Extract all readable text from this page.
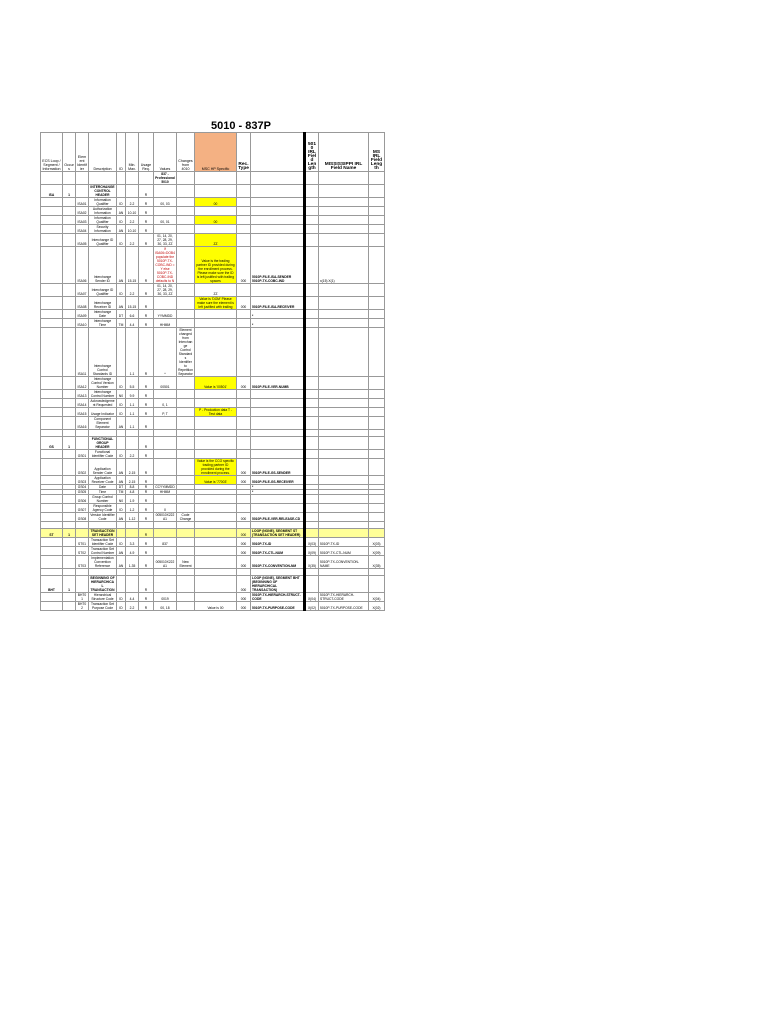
5010 - 837P
ECS Loop / Segment / Information	Occurs	Element Identifier	Description	ID	Min. Max.	Usage Req.	Values	Changes from 4010	MSC HP Specific	Rec. Type		5010 IRL Field Length	MISSISSIPPI IRL Field Name	MS IRL Field Length
							837 - Professional 5010							
ISA	1		INTERCHANGE CONTROL HEADER			R								
		ISA01	Information Qualifier	ID	2-2	R	00, 03		00					
		ISA02	Authorization Information	AN	10-10	R								
		ISA03	Information Qualifier	ID	2-2	R	00, 01		00					
		ISA04	Security Information	AN	10-10	R								
		ISA05	Interchange ID Qualifier	ID	2-2	R	01, 14, 20, 27, 28, 29, 30, 33, ZZ		ZZ					
		ISA06	Interchange Sender ID	AN	15-15	R	If ISA06=DOB4 populate the 5010P-TX-COBC-IND = Y else 5010P-TX-COBC-IND defaults to N		Value is the trading partner ID provided during the enrollment process. Please make sure the ID is left justified with trailing spaces	000	5010P-FILE-ISA-SENDER 5010P-TX-COBC-IND		x(15) X(1)	
		ISA07	Interchange ID Qualifier	ID	2-2	R	01, 14, 20, 27, 28, 29, 30, 33, ZZ		ZZ					
		ISA08	Interchange Receiver ID	AN	15-15	R			Value is 'DOM' Please make sure the element is left justified with trailing	000	5010P-FILE-ISA-RECEIVER			
		ISA09	Interchange Date	DT	6-6	R	YYMMDD				*			
		ISA10	Interchange Time	TM	4-4	R	HHMM				*			
		ISA11	Interchange Control Standards ID		1-1	R	^	Element changed from Interchange Control Standards Identifier to Repetition Separator						
		ISA12	Interchange Control Version Number	ID	5-5	R	00501		Value is '00501'	000	5010P-FILE-VER-NUMB			
		ISA13	Interchange Control Number	N0	9-9	R								
		ISA14	Acknowledgement Requested	ID	1-1	R	0, 1							
		ISA15	Usage Indicator	ID	1-1	R	P, T		P - Production data T - Test data					
		ISA16	Component Element Separator	AN	1-1	R								

GS	1		FUNCTIONAL GROUP HEADER			R								
		GS01	Functional Identifier Code	ID	2-2	R								
		GS02	Application Sender Code	AN	2-15	R			Value is the CCO specific trading partner ID provided during the enrollment process.	000	5010P-FILE-GS-SENDER			
		GS03	Application Receiver Code	AN	2-15	R			Value is '77003'	000	5010P-FILE-GS-RECEIVER			
		GS04	Date	DT	8-8	R	CCYYMMDD				*			
		GS05	Time	TM	4-8	R	HHMM				*			
		GS06	Group Control Number	N0	1-9	R								
		GS07	Responsible Agency Code	ID	1-2	R	X							
		GS08	Version Identifier Code	AN	1-12	R	005010X222A1	Code Change		000	5010P-FILE-VER-RELEASE-CD			

ST	1		TRANSACTION SET HEADER			R				000	LOOP (NONE), SEGMENT ST (TRANSACTION SET HEADER)			
		ST01	Transaction Set Identifier Code	ID	3-3	R	837			000	5010P-TX-ID	X(03)	5010P-TX-ID	X(03)
		ST02	Transaction Set Control Number	AN	4-9	R				000	5010P-TX-CTL-NUM	X(09)	5010P-TX-CTL-NUM	X(09)
		ST03	Implementation Convention Reference	AN	1-35	R	005010X222A1	New Element		000	5010P-TX-CONVENTION-NM	X(35)	5010P-TX-CONVENTION-NAME	X(35)

BHT	1		BEGINNING OF HIERARCHICAL TRANSACTION			R				000	LOOP (NONE), SEGMENT BHT (BEGINNING OF HIERARCHICAL TRANSACTION)			
		BHT01	Hierarchical Structure Code	ID	4-4	R	0019			000	5010P-TX-HIERARCH-STRUCT-CODE	X(04)	5010P-TX-HIERARCH-STRUCT-CODE	X(04)
		BHT02	Transaction Set Purpose Code	ID	2-2	R	00, 18		Value is 00	000	5010P-TX-PURPOSE-CODE	X(02)	5010P-TX-PURPOSE-CODE	X(02)
